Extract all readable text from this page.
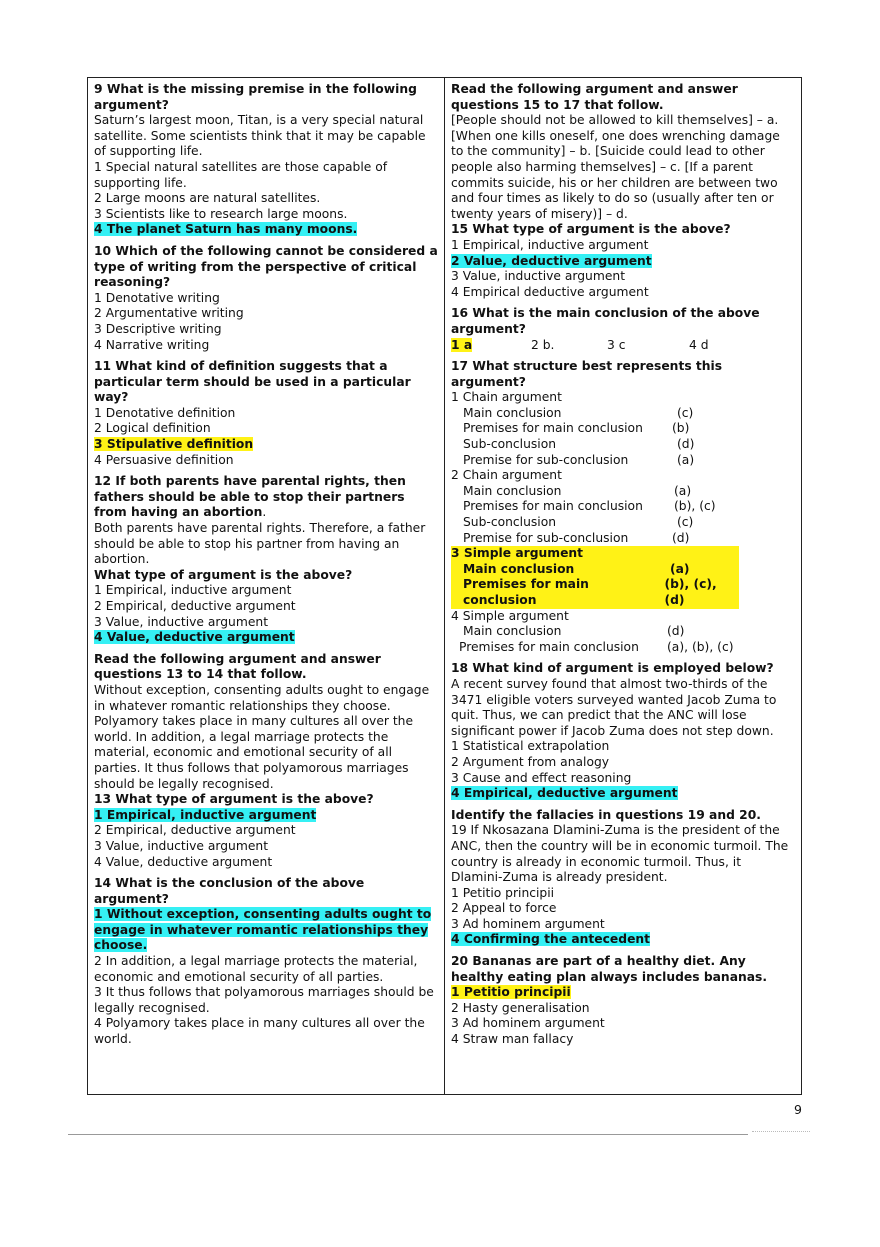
9 What is the missing premise in the following argument?

Saturn’s largest moon, Titan, is a very special natural satellite. Some scientists think that it may be capable of supporting life.

1 Special natural satellites are those capable of supporting life.

2 Large moons are natural satellites.

3 Scientists like to research large moons.

4 The planet Saturn has many moons.

10 Which of the following cannot be considered a type of writing from the perspective of critical reasoning?

1 Denotative writing

2 Argumentative writing

3 Descriptive writing

4 Narrative writing

11 What kind of definition suggests that a particular term should be used in a particular way?

1 Denotative definition

2 Logical definition

3 Stipulative definition

4 Persuasive definition

12 If both parents have parental rights, then fathers should be able to stop their partners from having an abortion.

Both parents have parental rights. Therefore, a father should be able to stop his partner from having an abortion.

What type of argument is the above?

1 Empirical, inductive argument

2 Empirical, deductive argument

3 Value, inductive argument

4 Value, deductive argument

Read the following argument and answer questions 13 to 14 that follow.

Without exception, consenting adults ought to engage in whatever romantic relationships they choose. Polyamory takes place in many cultures all over the world. In addition, a legal marriage protects the material, economic and emotional security of all parties. It thus follows that polyamorous marriages should be legally recognised.

13 What type of argument is the above?

1 Empirical, inductive argument

2 Empirical, deductive argument

3 Value, inductive argument

4 Value, deductive argument

14 What is the conclusion of the above argument?

1 Without exception, consenting adults ought to engage in whatever romantic relationships they choose.

2 In addition, a legal marriage protects the material, economic and emotional security of all parties.

3 It thus follows that polyamorous marriages should be legally recognised.

4 Polyamory takes place in many cultures all over the world.

Read the following argument and answer questions 15 to 17 that follow.

[People should not be allowed to kill themselves] – a. [When one kills oneself, one does wrenching damage to the community] – b. [Suicide could lead to other people also harming themselves] – c. [If a parent commits suicide, his or her children are between two and four times as likely to do so (usually after ten or twenty years of misery)] – d.

15 What type of argument is the above?

1 Empirical, inductive argument

2 Value, deductive argument

3 Value, inductive argument

4 Empirical deductive argument

16 What is the main conclusion of the above argument?

1 a	2 b.	3 c	4 d

17 What structure best represents this argument?

1 Chain argument

Main conclusion	(c)

Premises for main conclusion	(b)

Sub-conclusion	(d)

Premise for sub-conclusion	(a)

2 Chain argument

Main conclusion	(a)

Premises for main conclusion	(b), (c)

Sub-conclusion	(c)

Premise for sub-conclusion	(d)

3 Simple argument

Main conclusion	(a)

Premises for main conclusion
(b), (c), (d)

4 Simple argument

Main conclusion	(d)

Premises for main conclusion	(a), (b), (c)

18 What kind of argument is employed below?

A recent survey found that almost two-thirds of the 3471 eligible voters surveyed wanted Jacob Zuma to quit. Thus, we can predict that the ANC will lose significant power if Jacob Zuma does not step down.

1 Statistical extrapolation

2 Argument from analogy

3 Cause and effect reasoning

4 Empirical, deductive argument

Identify the fallacies in questions 19 and 20.

19 If Nkosazana Dlamini-Zuma is the president of the ANC, then the country will be in economic turmoil. The country is already in economic turmoil. Thus, it Dlamini-Zuma is already president.

1 Petitio principii

2 Appeal to force

3 Ad hominem argument

4 Confirming the antecedent

20 Bananas are part of a healthy diet. Any healthy eating plan always includes bananas.

1 Petitio principii

2 Hasty generalisation

3 Ad hominem argument

4 Straw man fallacy

9
